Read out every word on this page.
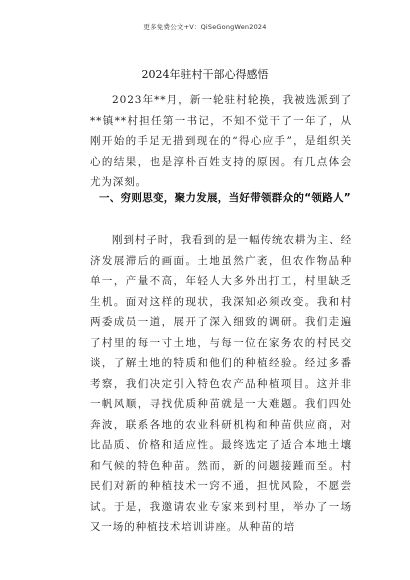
更多免费公文+V：QiSeGongWen2024
2024年驻村干部心得感悟

2023年**月，新一轮驻村轮换，我被选派到了**镇**村担任第一书记，不知不觉干了一年了，从刚开始的手足无措到现在的“得心应手”，是组织关心的结果，也是淳朴百姓支持的原因。有几点体会尤为深刻。

一、穷则思变，聚力发展，当好带领群众的“领路人”

刚到村子时，我看到的是一幅传统农耕为主、经济发展滞后的画面。土地虽然广袤，但农作物品种单一，产量不高，年轻人大多外出打工，村里缺乏生机。面对这样的现状，我深知必须改变。我和村两委成员一道，展开了深入细致的调研。我们走遍了村里的每一寸土地，与每一位在家务农的村民交谈，了解土地的特质和他们的种植经验。经过多番考察，我们决定引入特色农产品种植项目。这并非一帆风顺，寻找优质种苗就是一大难题。我们四处奔波，联系各地的农业科研机构和种苗供应商，对比品质、价格和适应性。最终选定了适合本地土壤和气候的特色种苗。然而，新的问题接踵而至。村民们对新的种植技术一窍不通，担忧风险，不愿尝试。于是，我邀请农业专家来到村里，举办了一场又一场的种植技术培训讲座。从种苗的培
